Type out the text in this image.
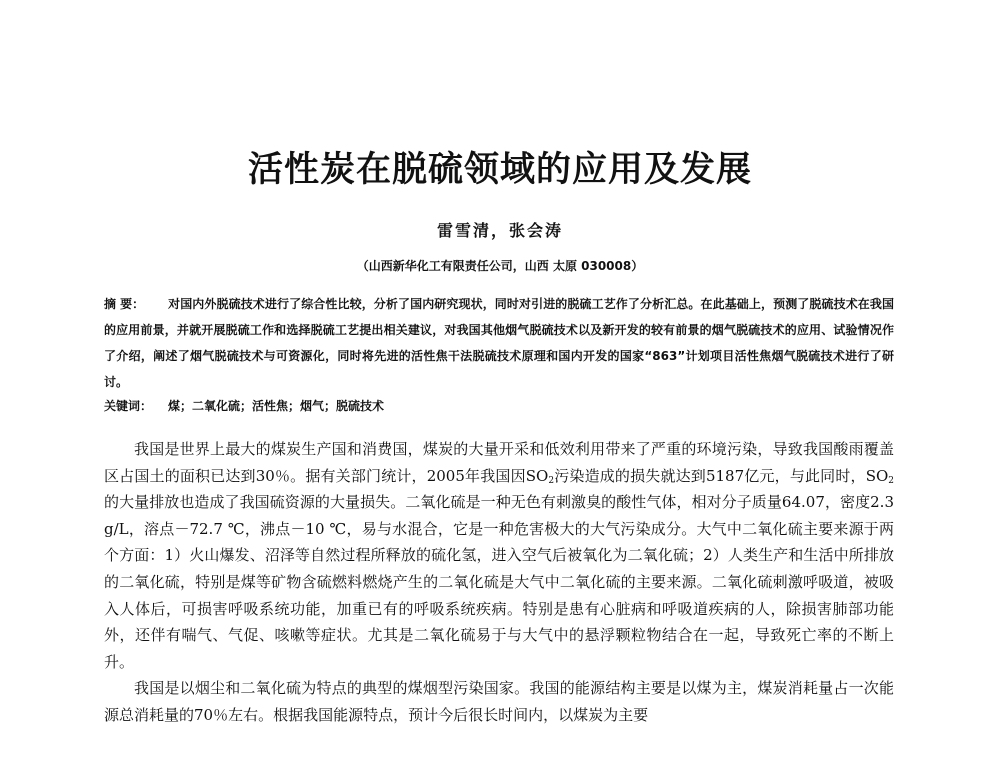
活性炭在脱硫领域的应用及发展
雷雪清，张会涛
（山西新华化工有限责任公司，山西 太原 030008）
摘 要： 对国内外脱硫技术进行了综合性比较，分析了国内研究现状，同时对引进的脱硫工艺作了分析汇总。在此基础上，预测了脱硫技术在我国的应用前景，并就开展脱硫工作和选择脱硫工艺提出相关建议，对我国其他烟气脱硫技术以及新开发的较有前景的烟气脱硫技术的应用、试验情况作了介绍，阐述了烟气脱硫技术与可资源化，同时将先进的活性焦干法脱硫技术原理和国内开发的国家“863”计划项目活性焦烟气脱硫技术进行了研讨。
关键词： 煤；二氧化硫；活性焦；烟气；脱硫技术

我国是世界上最大的煤炭生产国和消费国，煤炭的大量开采和低效利用带来了严重的环境污染，导致我国酸雨覆盖区占国土的面积已达到30％。据有关部门统计，2005年我国因$SO_2$污染造成的损失就达到5187亿元，与此同时，$SO_2$的大量排放也造成了我国硫资源的大量损失。二氧化硫是一种无色有刺激臭的酸性气体，相对分子质量64.07，密度2.3 g/L，溶点－72.7 ℃，沸点－10 ℃，易与水混合，它是一种危害极大的大气污染成分。大气中二氧化硫主要来源于两个方面：1）火山爆发、沼泽等自然过程所释放的硫化氢，进入空气后被氧化为二氧化硫；2）人类生产和生活中所排放的二氧化硫，特别是煤等矿物含硫燃料燃烧产生的二氧化硫是大气中二氧化硫的主要来源。二氧化硫刺激呼吸道，被吸入人体后，可损害呼吸系统功能，加重已有的呼吸系统疾病。特别是患有心脏病和呼吸道疾病的人，除损害肺部功能外，还伴有喘气、气促、咳嗽等症状。尤其是二氧化硫易于与大气中的悬浮颗粒物结合在一起，导致死亡率的不断上升。

我国是以烟尘和二氧化硫为特点的典型的煤烟型污染国家。我国的能源结构主要是以煤为主，煤炭消耗量占一次能源总消耗量的70％左右。根据我国能源特点，预计今后很长时间内，以煤炭为主要
